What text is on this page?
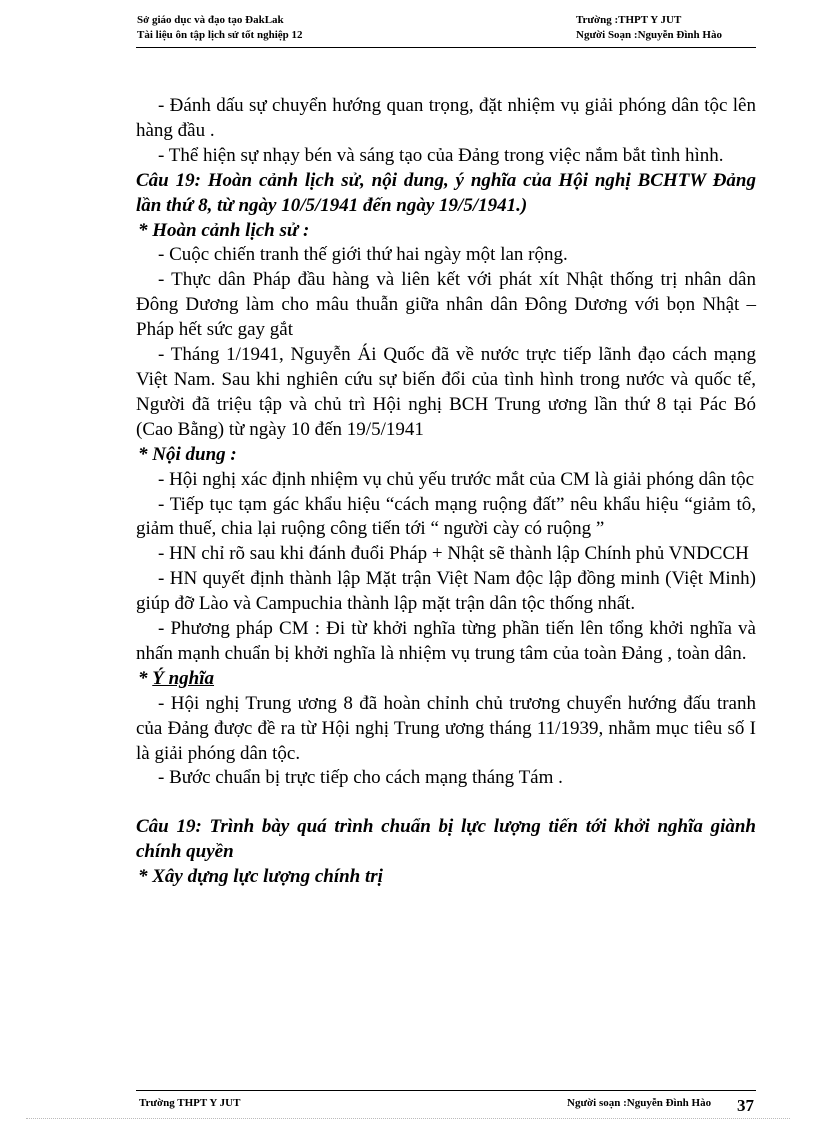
Sở giáo dục và đạo tạo ĐakLak
Tài liệu ôn tập lịch sử tốt nghiệp 12
Trường :THPT Y JUT
Người Soạn :Nguyễn Đình Hào

- Đánh dấu sự chuyển hướng quan trọng, đặt nhiệm vụ giải phóng dân tộc lên hàng đầu .

- Thể hiện sự nhạy bén và sáng tạo của Đảng trong việc nắm bắt tình hình.

Câu 19: Hoàn cảnh lịch sử, nội dung, ý nghĩa của Hội nghị BCHTW Đảng lần thứ 8, từ ngày 10/5/1941 đến ngày 19/5/1941.)

* Hoàn cảnh lịch sử :

- Cuộc chiến tranh thế giới thứ hai ngày một lan rộng.

- Thực dân Pháp đầu hàng và liên kết với phát xít Nhật thống trị nhân dân Đông Dương làm cho mâu thuẫn giữa nhân dân Đông Dương với bọn Nhật – Pháp hết sức gay gắt

- Tháng 1/1941, Nguyễn Ái Quốc đã về nước trực tiếp lãnh đạo cách mạng Việt Nam. Sau khi nghiên cứu sự biến đổi của tình hình trong nước và quốc tế, Người đã triệu tập và chủ trì Hội nghị BCH Trung ương lần thứ 8 tại Pác Bó (Cao Bằng) từ ngày 10 đến 19/5/1941

* Nội dung :

- Hội nghị xác định nhiệm vụ chủ yếu trước mắt của CM là giải phóng dân tộc

- Tiếp tục tạm gác khẩu hiệu “cách mạng ruộng đất” nêu khẩu hiệu “giảm tô, giảm thuế, chia lại ruộng công tiến tới “ người cày có ruộng ”

- HN chỉ rõ sau khi đánh đuổi Pháp + Nhật sẽ thành lập Chính phủ VNDCCH

- HN quyết định thành lập Mặt trận Việt Nam độc lập đồng minh (Việt Minh) giúp đỡ Lào và Campuchia thành lập mặt trận dân tộc thống nhất.

- Phương pháp CM : Đi từ khởi nghĩa từng phần tiến lên tổng khởi nghĩa và nhấn mạnh chuẩn bị khởi nghĩa là nhiệm vụ trung tâm của toàn Đảng , toàn dân.

* Ý nghĩa

- Hội nghị Trung ương 8 đã hoàn chỉnh chủ trương chuyển hướng đấu tranh của Đảng được đề ra từ Hội nghị Trung ương tháng 11/1939, nhằm mục tiêu số I là giải phóng dân tộc.

- Bước chuẩn bị trực tiếp cho cách mạng tháng Tám .

Câu 19: Trình bày quá trình chuẩn bị lực lượng tiến tới khởi nghĩa giành chính quyền

* Xây dựng lực lượng chính trị

Trường THPT Y JUT	Người soạn :Nguyễn Đình Hào 37
